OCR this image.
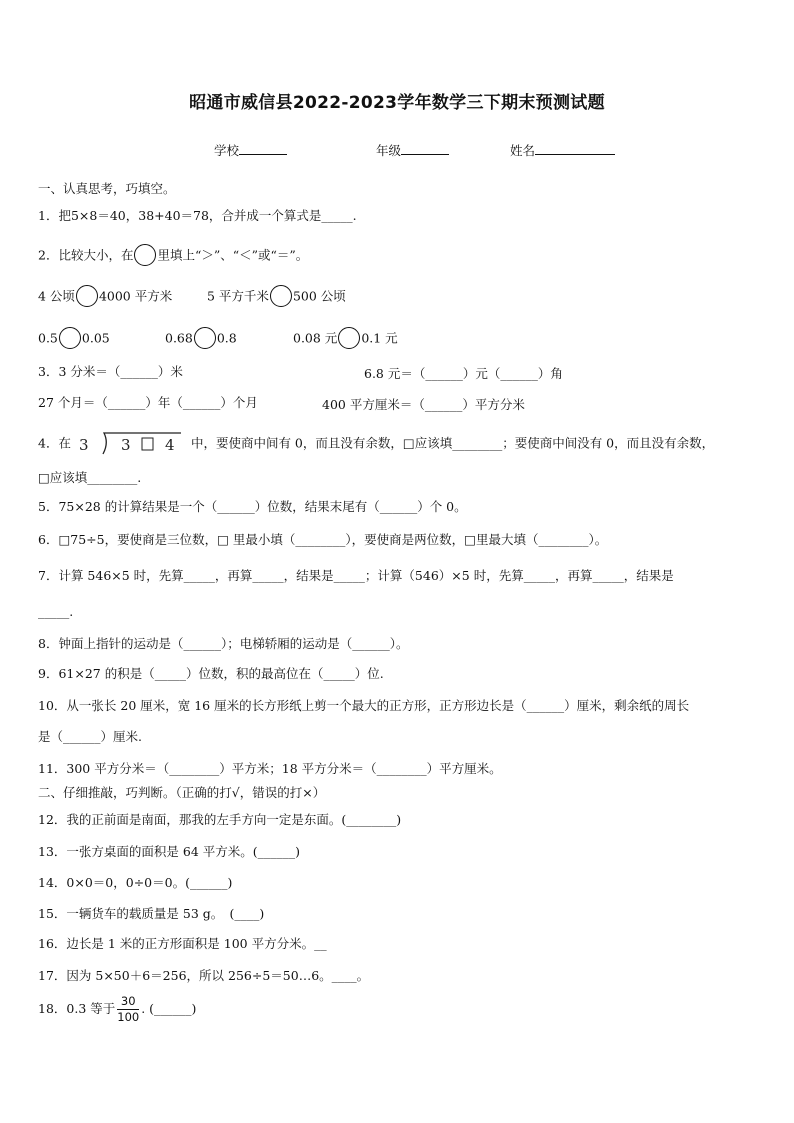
昭通市威信县2022-2023学年数学三下期末预测试题
学校	年级	姓名
一、认真思考，巧填空。
1．把5×8＝40，38+40＝78，合并成一个算式是_____.
2．比较大小，在 里填上“＞”、“＜”或“＝”。
4 公顷 4000 平方米	5 平方千米 500 公顷
0.5 0.05	0.68 0.8	0.08 元 0.1 元
3．3 分米＝（______）米	6.8 元＝（______）元（______）角
27 个月＝（______）年（______）个月	400 平方厘米＝（______）平方分米
4．在 3 3 4 中，要使商中间有 0，而且没有余数，□应该填________；要使商中间没有 0，而且没有余数，
□应该填________.
5．75×28 的计算结果是一个（______）位数，结果末尾有（______）个 0。
6．□75÷5，要使商是三位数，□ 里最小填（________），要使商是两位数，□里最大填（________）。
7．计算 546×5 时，先算_____，再算_____，结果是_____；计算（546）×5 时，先算_____，再算_____，结果是
_____.
8．钟面上指针的运动是（______）；电梯轿厢的运动是（______）。
9．61×27 的积是（_____）位数，积的最高位在（_____）位.
10．从一张长 20 厘米，宽 16 厘米的长方形纸上剪一个最大的正方形，正方形边长是（______）厘米，剩余纸的周长
是（______）厘米.
11．300 平方分米＝（________）平方米；18 平方分米＝（________）平方厘米。
二、仔细推敲，巧判断。（正确的打√，错误的打×）
12．我的正前面是南面，那我的左手方向一定是东面。(________)
13．一张方桌面的面积是 64 平方米。(______)
14．0×0＝0，0÷0＝0。(______)
15．一辆货车的载质量是 53 g。　(____)
16．边长是 1 米的正方形面积是 100 平方分米。__
17．因为 5×50＋6＝256，所以 256÷5＝50…6。____。
18．0.3 等于 $\frac{30}{100}$ . (______)
